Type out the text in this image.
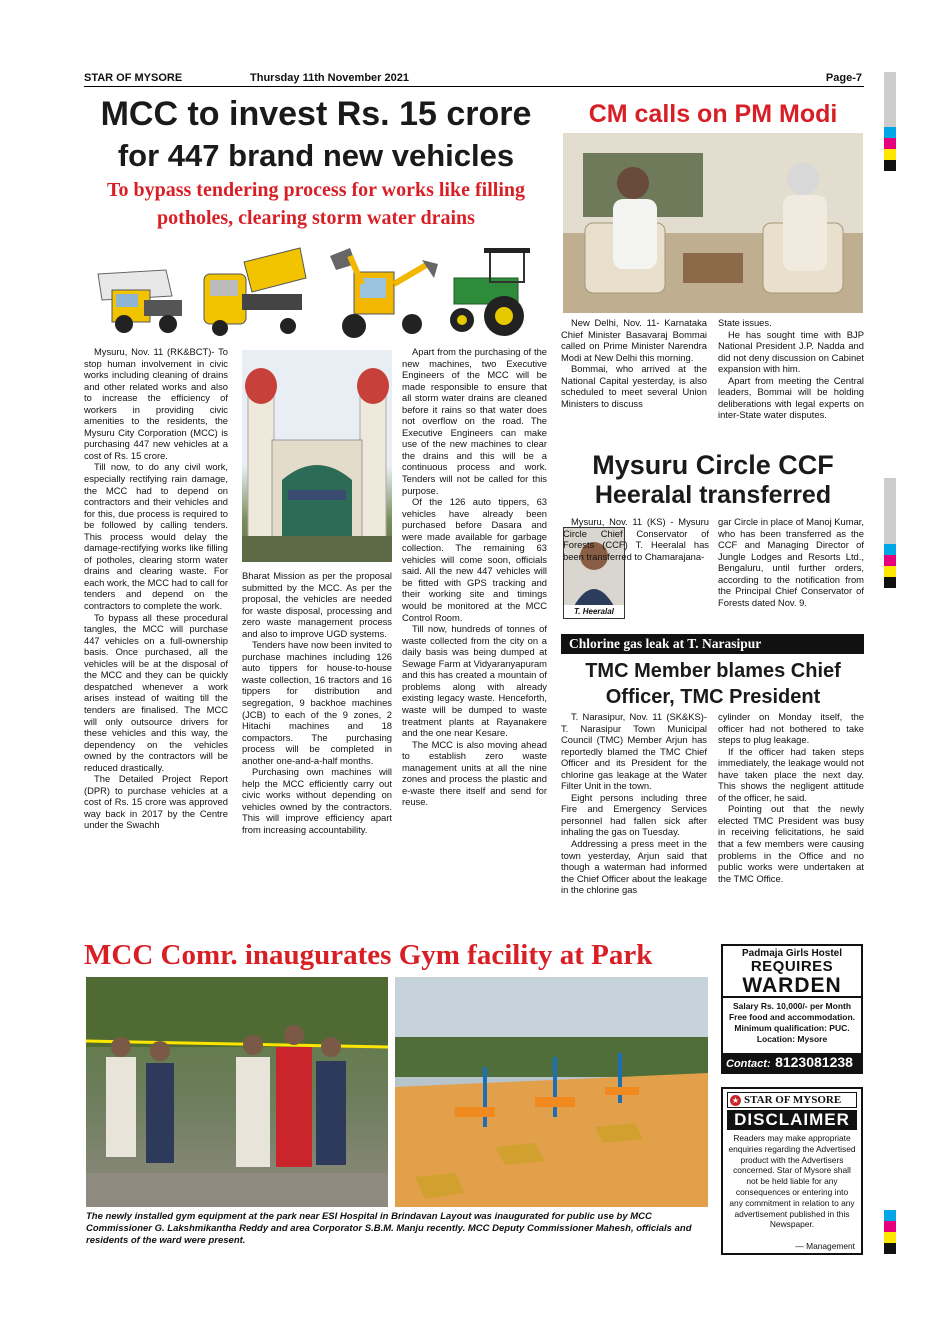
STAR OF MYSORE	Thursday 11th November 2021	Page-7
MCC to invest Rs. 15 crore
for 447 brand new vehicles
To bypass tendering process for works like filling
potholes, clearing storm water drains

Mysuru, Nov. 11 (RK&BCT)- To stop human involvement in civic works including cleaning of drains and other related works and also to increase the efficiency of workers in providing civic amenities to the residents, the Mysuru City Corporation (MCC) is purchasing 447 new vehicles at a cost of Rs. 15 crore.

Till now, to do any civil work, especially rectifying rain damage, the MCC had to depend on contractors and their vehicles and for this, due process is required to be followed by calling tenders. This process would delay the damage-rectifying works like filling of potholes, clearing storm water drains and clearing waste. For each work, the MCC had to call for tenders and depend on the contractors to complete the work.

To bypass all these procedural tangles, the MCC will purchase 447 vehicles on a full-ownership basis. Once purchased, all the vehicles will be at the disposal of the MCC and they can be quickly despatched whenever a work arises instead of waiting till the tenders are finalised. The MCC will only outsource drivers for these vehicles and this way, the dependency on the vehicles owned by the contractors will be reduced drastically.

The Detailed Project Report (DPR) to purchase vehicles at a cost of Rs. 15 crore was approved way back in 2017 by the Centre under the Swachh

Bharat Mission as per the proposal submitted by the MCC. As per the proposal, the vehicles are needed for waste disposal, processing and zero waste management process and also to improve UGD systems.

Tenders have now been invited to purchase machines including 126 auto tippers for house-to-house waste collection, 16 tractors and 16 tippers for distribution and segregation, 9 backhoe machines (JCB) to each of the 9 zones, 2 Hitachi machines and 18 compactors. The purchasing process will be completed in another one-and-a-half months.

Purchasing own machines will help the MCC efficiently carry out civic works without depending on vehicles owned by the contractors. This will improve efficiency apart from increasing accountability.

Apart from the purchasing of the new machines, two Executive Engineers of the MCC will be made responsible to ensure that all storm water drains are cleaned before it rains so that water does not overflow on the road. The Executive Engineers can make use of the new machines to clear the drains and this will be a continuous process and work. Tenders will not be called for this purpose.

Of the 126 auto tippers, 63 vehicles have already been purchased before Dasara and were made available for garbage collection. The remaining 63 vehicles will come soon, officials said. All the new 447 vehicles will be fitted with GPS tracking and their working site and timings would be monitored at the MCC Control Room.

Till now, hundreds of tonnes of waste collected from the city on a daily basis was being dumped at Sewage Farm at Vidyaranyapuram and this has created a mountain of problems along with already existing legacy waste. Henceforth, waste will be dumped to waste treatment plants at Rayanakere and the one near Kesare.

The MCC is also moving ahead to establish zero waste management units at all the nine zones and process the plastic and e-waste there itself and send for reuse.

CM calls on PM Modi

New Delhi, Nov. 11- Karnataka Chief Minister Basavaraj Bommai called on Prime Minister Narendra Modi at New Delhi this morning.

Bommai, who arrived at the National Capital yesterday, is also scheduled to meet several Union Ministers to discuss

State issues.

He has sought time with BJP National President J.P. Nadda and did not deny discussion on Cabinet expansion with him.

Apart from meeting the Central leaders, Bommai will be holding deliberations with legal experts on inter-State water disputes.

Mysuru Circle CCF
Heeralal transferred
T. Heeralal

Mysuru, Nov. 11 (KS) - Mysuru Circle Chief Conservator of Forests (CCF) T. Heeralal has been transferred to Chamarajana-

gar Circle in place of Manoj Kumar, who has been transferred as the CCF and Managing Director of Jungle Lodges and Resorts Ltd., Bengaluru, until further orders, according to the notification from the Principal Chief Conservator of Forests dated Nov. 9.

Chlorine gas leak at T. Narasipur
TMC Member blames Chief
Officer, TMC President

T. Narasipur, Nov. 11 (SK&KS)- T. Narasipur Town Municipal Council (TMC) Member Arjun has reportedly blamed the TMC Chief Officer and its President for the chlorine gas leakage at the Water Filter Unit in the town.

Eight persons including three Fire and Emergency Services personnel had fallen sick after inhaling the gas on Tuesday.

Addressing a press meet in the town yesterday, Arjun said that though a waterman had informed the Chief Officer about the leakage in the chlorine gas

cylinder on Monday itself, the officer had not bothered to take steps to plug leakage.

If the officer had taken steps immediately, the leakage would not have taken place the next day. This shows the negligent attitude of the officer, he said.

Pointing out that the newly elected TMC President was busy in receiving felicitations, he said that a few members were causing problems in the Office and no public works were undertaken at the TMC Office.

MCC Comr. inaugurates Gym facility at Park
The newly installed gym equipment at the park near ESI Hospital in Brindavan Layout was inaugurated for public use by MCC Commissioner G. Lakshmikantha Reddy and area Corporator S.B.M. Manju recently. MCC Deputy Commissioner Mahesh, officials and residents of the ward were present.
Padmaja Girls Hostel
REQUIRES
WARDEN
Salary Rs. 10,000/- per Month
Free food and accommodation.
Minimum qualification: PUC.
Location: Mysore
Contact: 8123081238
★ STAR OF MYSORE
DISCLAIMER
Readers may make appropriate enquiries regarding the Advertised product with the Advertisers concerned. Star of Mysore shall not be held liable for any consequences or entering into any commitment in relation to any advertisement published in this Newspaper.
— Management
